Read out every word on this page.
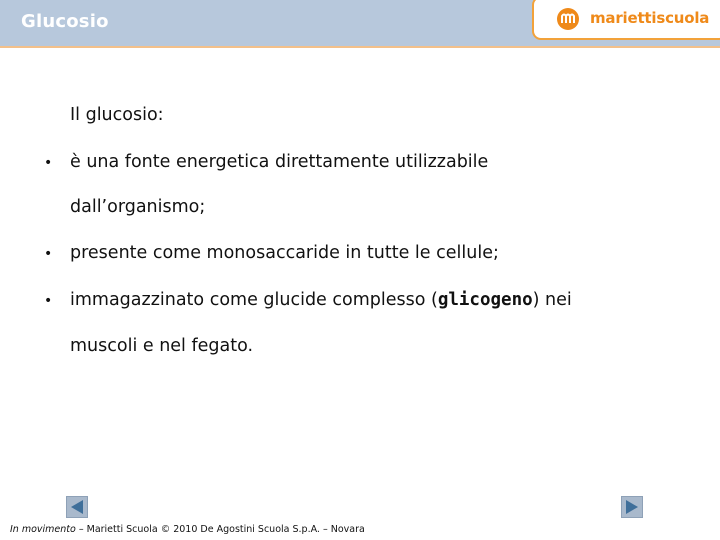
Glucosio	mariettiscuola
Il glucosio:
• è una fonte energetica direttamente utilizzabile
dall’organismo;
• presente come monosaccaride in tutte le cellule;
• immagazzinato come glucide complesso (glicogeno) nei
muscoli e nel fegato.
In movimento – Marietti Scuola © 2010 De Agostini Scuola S.p.A. – Novara
